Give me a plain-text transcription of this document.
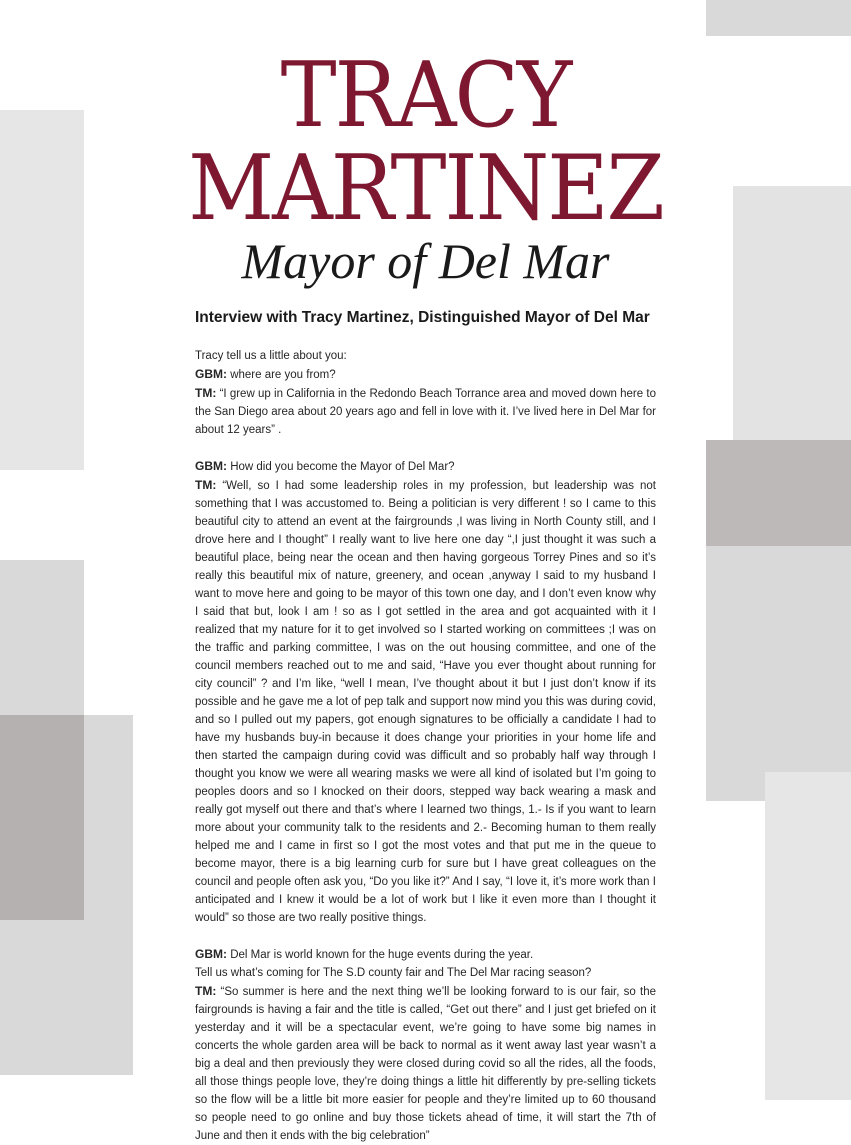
TRACY
MARTINEZ
Mayor of Del Mar
Interview with Tracy Martinez, Distinguished Mayor of Del Mar

Tracy tell us a little about you:

GBM: where are you from?

TM: “I grew up in California in the Redondo Beach Torrance area and moved down here to the San Diego area about 20 years ago and fell in love with it. I’ve lived here in Del Mar for about 12 years” .

GBM: How did you become the Mayor of Del Mar?

TM: “Well, so I had some leadership roles in my profession, but leadership was not something that I was accustomed to. Being a politician is very different ! so I came to this beautiful city to attend an event at the fairgrounds ,I was living in North County still, and I drove here and I thought” I really want to live here one day “,I just thought it was such a beautiful place, being near the ocean and then having gorgeous Torrey Pines and so it’s really this beautiful mix of nature, greenery, and ocean ,anyway I said to my husband I want to move here and going to be mayor of this town one day, and I don’t even know why I said that but, look I am ! so as I got settled in the area and got acquainted with it I realized that my nature for it to get involved so I started working on committees ;I was on the traffic and parking committee, I was on the out housing committee, and one of the council members reached out to me and said, “Have you ever thought about running for city council” ? and I’m like, “well I mean, I’ve thought about it but I just don’t know if its possible and he gave me a lot of pep talk and support now mind you this was during covid, and so I pulled out my papers, got enough signatures to be officially a candidate I had to have my husbands buy-in because it does change your priorities in your home life and then started the campaign during covid was difficult and so probably half way through I thought you know we were all wearing masks we were all kind of isolated but I’m going to peoples doors and so I knocked on their doors, stepped way back wearing a mask and really got myself out there and that’s where I learned two things, 1.- Is if you want to learn more about your community talk to the residents and 2.- Becoming human to them really helped me and I came in first so I got the most votes and that put me in the queue to become mayor, there is a big learning curb for sure but I have great colleagues on the council and people often ask you, “Do you like it?” And I say, “I love it, it’s more work than I anticipated and I knew it would be a lot of work but I like it even more than I thought it would” so those are two really positive things.

GBM: Del Mar is world known for the huge events during the year.

Tell us what’s coming for The S.D county fair and The Del Mar racing season?

TM: “So summer is here and the next thing we’ll be looking forward to is our fair, so the fairgrounds is having a fair and the title is called, “Get out there” and I just get briefed on it yesterday and it will be a spectacular event, we’re going to have some big names in concerts the whole garden area will be back to normal as it went away last year wasn’t a big a deal and then previously they were closed during covid so all the rides, all the foods, all those things people love, they’re doing things a little hit differently by pre-selling tickets so the flow will be a little bit more easier for people and they’re limited up to 60 thousand so people need to go online and buy those tickets ahead of time, it will start the 7th of June and then it ends with the big celebration”
